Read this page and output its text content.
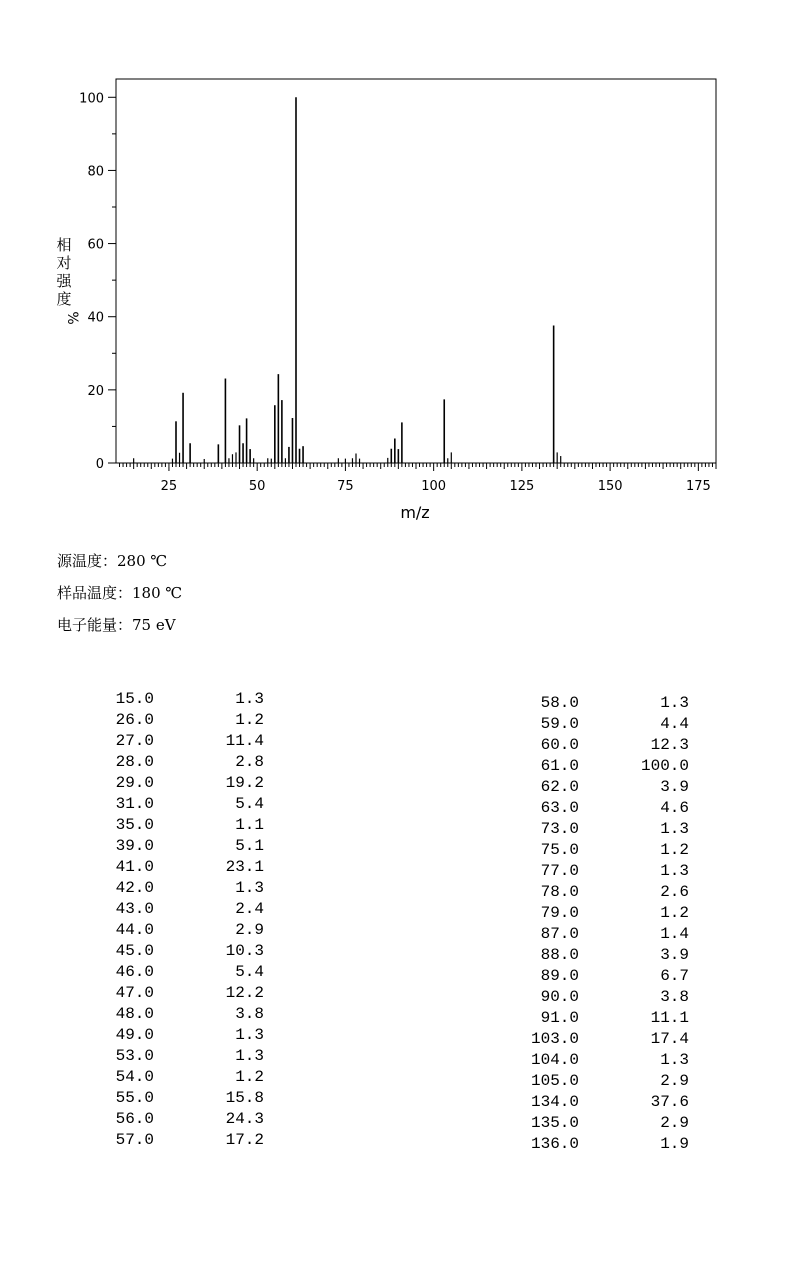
0
20
40
60
80
100
25	50	75	100	125	150	175
m/z
相
对
强
度
%
源温度：280 ℃
样品温度：180 ℃
电子能量：75 eV
15.0	1.3
26.0	1.2
27.0	11.4
28.0	2.8
29.0	19.2
31.0	5.4
35.0	1.1
39.0	5.1
41.0	23.1
42.0	1.3
43.0	2.4
44.0	2.9
45.0	10.3
46.0	5.4
47.0	12.2
48.0	3.8
49.0	1.3
53.0	1.3
54.0	1.2
55.0	15.8
56.0	24.3
57.0	17.2
58.0	1.3
59.0	4.4
60.0	12.3
61.0	100.0
62.0	3.9
63.0	4.6
73.0	1.3
75.0	1.2
77.0	1.3
78.0	2.6
79.0	1.2
87.0	1.4
88.0	3.9
89.0	6.7
90.0	3.8
91.0	11.1
103.0	17.4
104.0	1.3
105.0	2.9
134.0	37.6
135.0	2.9
136.0	1.9
